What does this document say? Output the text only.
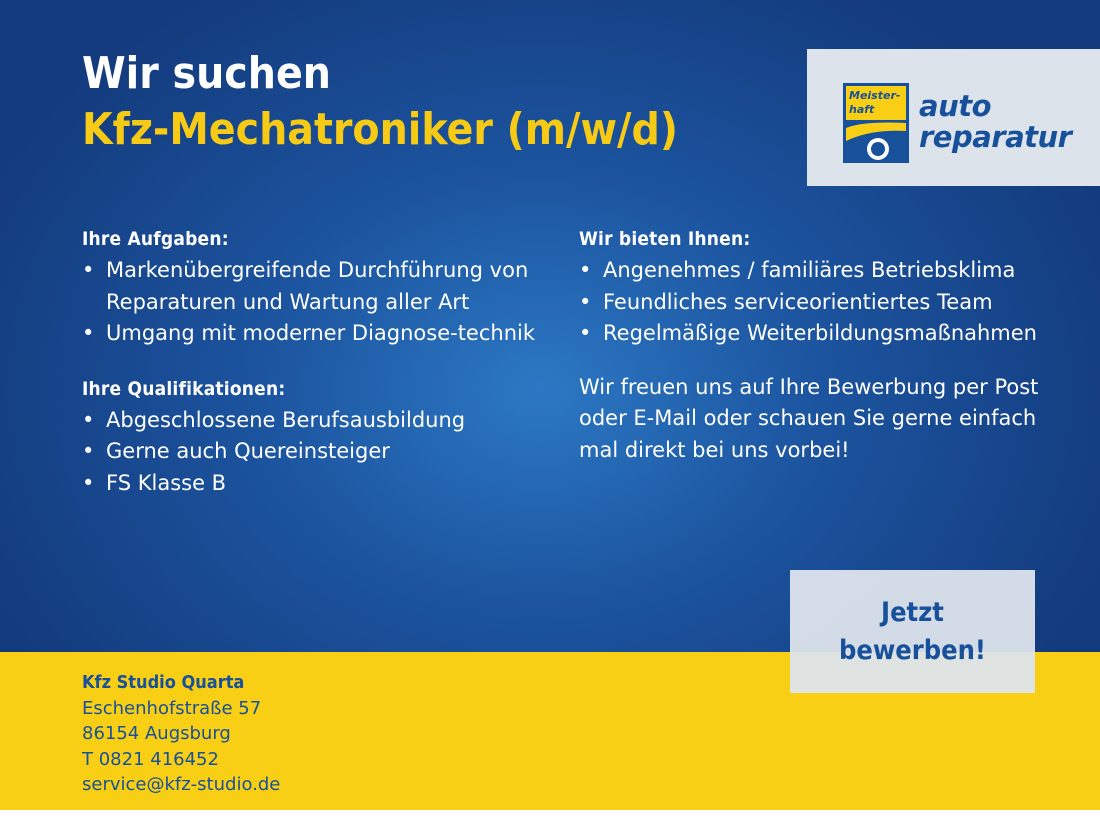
Wir suchen
Kfz-Mechatroniker (m/w/d)
Meister-
haft auto
reparatur
Ihre Aufgaben:
• Markenübergreifende Durchführung von Reparaturen und Wartung aller Art
• Umgang mit moderner Diagnose-technik
Ihre Qualifikationen:
• Abgeschlossene Berufsausbildung
• Gerne auch Quereinsteiger
• FS Klasse B
Wir bieten Ihnen:
• Angenehmes / familiäres Betriebsklima
• Feundliches serviceorientiertes Team
• Regelmäßige Weiterbildungsmaßnahmen
Wir freuen uns auf Ihre Bewerbung per Post oder E-Mail oder schauen Sie gerne einfach mal direkt bei uns vorbei!
Jetzt
bewerben!
Kfz Studio Quarta
Eschenhofstraße 57
86154 Augsburg
T 0821 416452
service@kfz-studio.de
